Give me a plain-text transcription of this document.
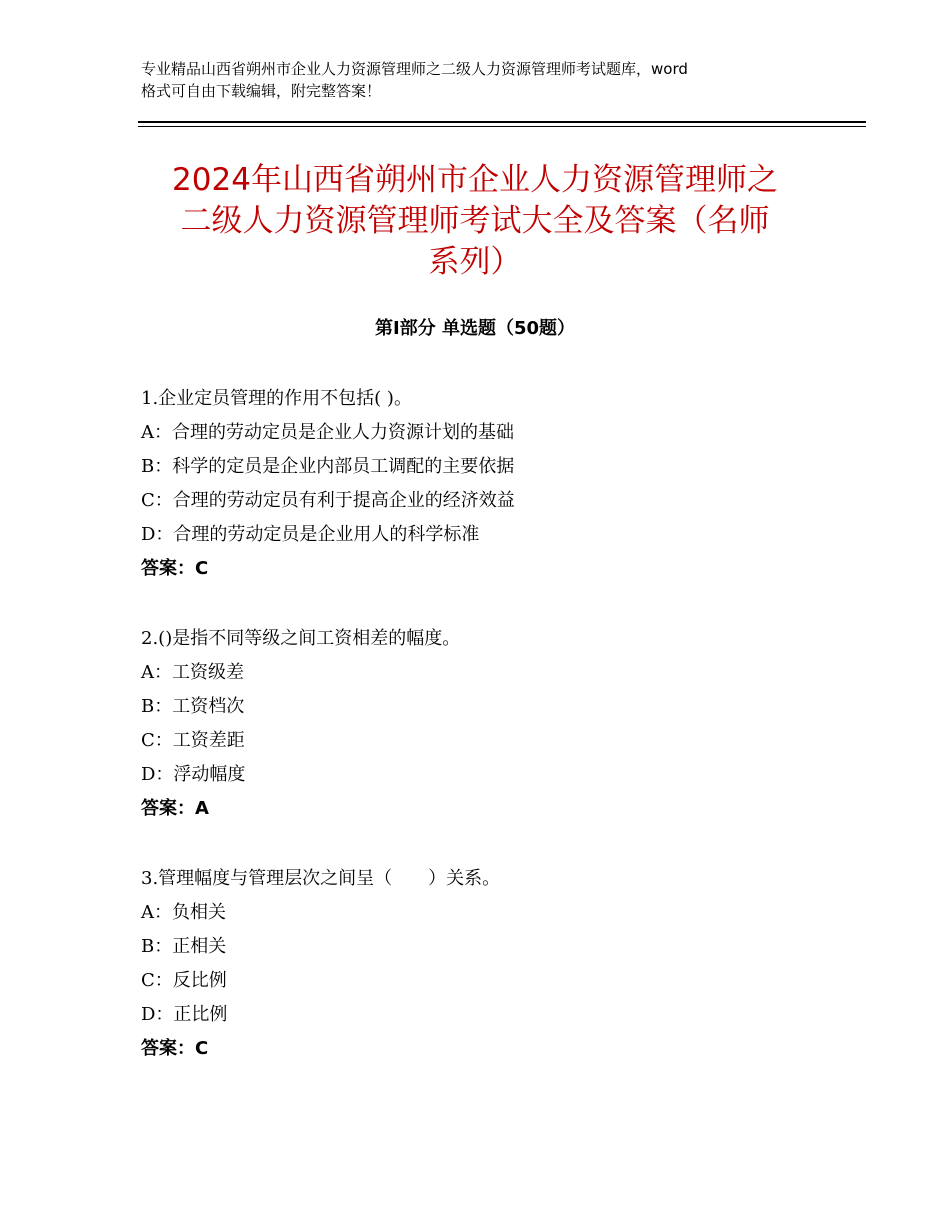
专业精品山西省朔州市企业人力资源管理师之二级人力资源管理师考试题库，word
格式可自由下载编辑，附完整答案！
2024年山西省朔州市企业人力资源管理师之
二级人力资源管理师考试大全及答案（名师
系列）
第Ⅰ部分 单选题（50题）
1.企业定员管理的作用不包括( )。
A：合理的劳动定员是企业人力资源计划的基础
B：科学的定员是企业内部员工调配的主要依据
C：合理的劳动定员有利于提高企业的经济效益
D：合理的劳动定员是企业用人的科学标准
答案：C
2.()是指不同等级之间工资相差的幅度。
A：工资级差
B：工资档次
C：工资差距
D：浮动幅度
答案：A
3.管理幅度与管理层次之间呈（　　）关系。
A：负相关
B：正相关
C：反比例
D：正比例
答案：C
